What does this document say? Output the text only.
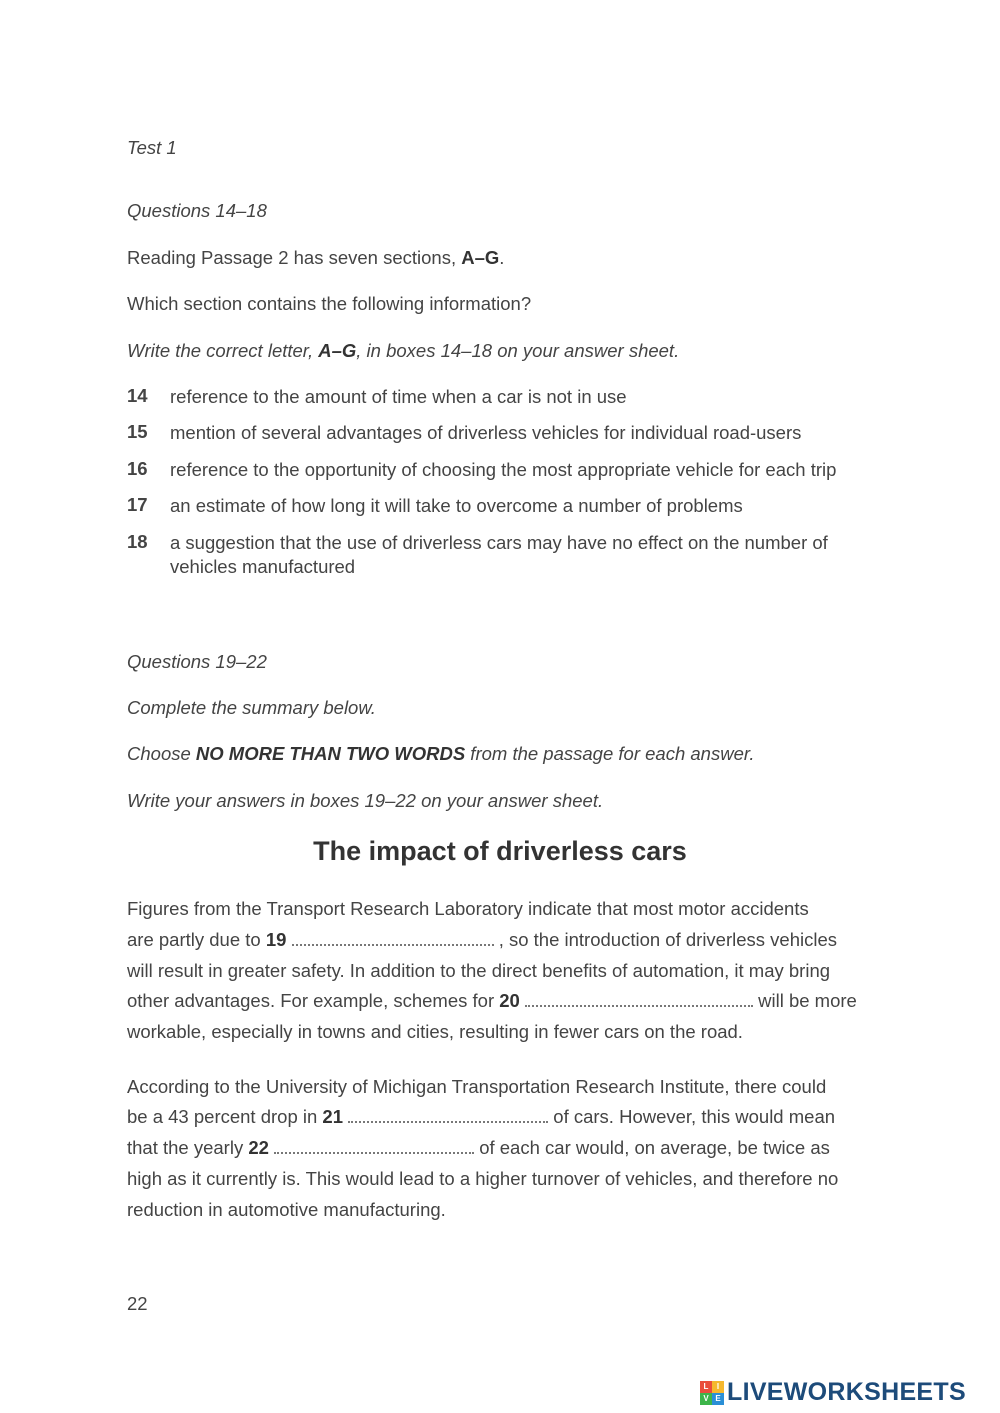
Test 1
Questions 14–18
Reading Passage 2 has seven sections, A–G.
Which section contains the following information?
Write the correct letter, A–G, in boxes 14–18 on your answer sheet.
14 reference to the amount of time when a car is not in use
15 mention of several advantages of driverless vehicles for individual road-users
16 reference to the opportunity of choosing the most appropriate vehicle for each trip
17 an estimate of how long it will take to overcome a number of problems
18 a suggestion that the use of driverless cars may have no effect on the number of vehicles manufactured
Questions 19–22
Complete the summary below.
Choose NO MORE THAN TWO WORDS from the passage for each answer.
Write your answers in boxes 19–22 on your answer sheet.
The impact of driverless cars
Figures from the Transport Research Laboratory indicate that most motor accidents
are partly due to 19	, so the introduction of driverless vehicles
will result in greater safety. In addition to the direct benefits of automation, it may bring
other advantages. For example, schemes for 20	will be more
workable, especially in towns and cities, resulting in fewer cars on the road.
According to the University of Michigan Transportation Research Institute, there could
be a 43 percent drop in 21	of cars. However, this would mean
that the yearly 22	of each car would, on average, be twice as
high as it currently is. This would lead to a higher turnover of vehicles, and therefore no
reduction in automotive manufacturing.
22
L	I
V E LIVEWORKSHEETS
